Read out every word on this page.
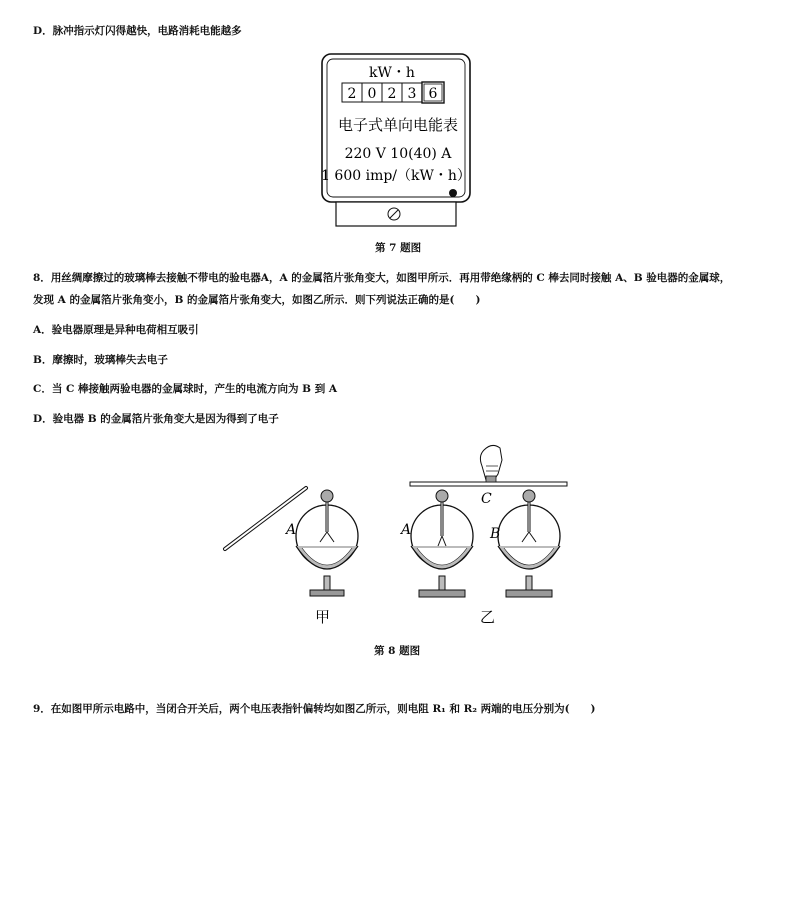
D．脉冲指示灯闪得越快，电路消耗电能越多
kW・h
2 0 2 3 6
电子式单向电能表
220 V 10(40) A
1 600 imp/（kW・h）
第 7 题图
8．用丝绸摩擦过的玻璃棒去接触不带电的验电器A，A 的金属箔片张角变大，如图甲所示．再用带绝缘柄的 C 棒去同时接触 A、B 验电器的金属球，
发现 A 的金属箔片张角变小，B 的金属箔片张角变大，如图乙所示．则下列说法正确的是(　　)
A．验电器原理是异种电荷相互吸引
B．摩擦时，玻璃棒失去电子
C．当 C 棒接触两验电器的金属球时，产生的电流方向为 B 到 A
D．验电器 B 的金属箔片张角变大是因为得到了电子
A	A	B
C
甲	乙
第 8 题图
9．在如图甲所示电路中，当闭合开关后，两个电压表指针偏转均如图乙所示，则电阻 R₁ 和 R₂ 两端的电压分别为(　　)
